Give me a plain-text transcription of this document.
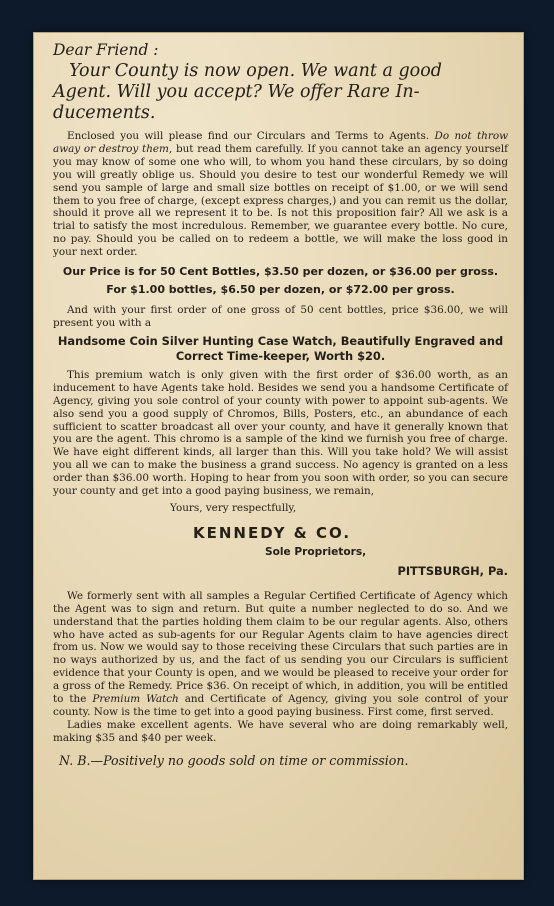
Dear Friend :
Your County is now open. We want a good
Agent. Will you accept? We offer Rare In-
ducements.

Enclosed you will please find our Circulars and Terms to Agents. Do not throw away or destroy them, but read them carefully. If you cannot take an agency yourself you may know of some one who will, to whom you hand these circulars, by so doing you will greatly oblige us. Should you desire to test our wonderful Remedy we will send you sample of large and small size bottles on receipt of $1.00, or we will send them to you free of charge, (except express charges,) and you can remit us the dollar, should it prove all we represent it to be. Is not this proposition fair? All we ask is a trial to satisfy the most incredulous. Remember, we guarantee every bottle. No cure, no pay. Should you be called on to redeem a bottle, we will make the loss good in your next order.

Our Price is for 50 Cent Bottles, $3.50 per dozen, or $36.00 per gross.

For $1.00 bottles, $6.50 per dozen, or $72.00 per gross.

And with your first order of one gross of 50 cent bottles, price $36.00, we will present you with a

Handsome Coin Silver Hunting Case Watch, Beautifully Engraved and Correct Time-keeper, Worth $20.

This premium watch is only given with the first order of $36.00 worth, as an inducement to have Agents take hold. Besides we send you a handsome Certificate of Agency, giving you sole control of your county with power to appoint sub-agents. We also send you a good supply of Chromos, Bills, Posters, etc., an abundance of each sufficient to scatter broadcast all over your county, and have it generally known that you are the agent. This chromo is a sample of the kind we furnish you free of charge. We have eight different kinds, all larger than this. Will you take hold? We will assist you all we can to make the business a grand success. No agency is granted on a less order than $36.00 worth. Hoping to hear from you soon with order, so you can secure your county and get into a good paying business, we remain,

Yours, very respectfully,

KENNEDY & CO.

Sole Proprietors,

PITTSBURGH, Pa.

We formerly sent with all samples a Regular Certified Certificate of Agency which the Agent was to sign and return. But quite a number neglected to do so. And we understand that the parties holding them claim to be our regular agents. Also, others who have acted as sub-agents for our Regular Agents claim to have agencies direct from us. Now we would say to those receiving these Circulars that such parties are in no ways authorized by us, and the fact of us sending you our Circulars is sufficient evidence that your County is open, and we would be pleased to receive your order for a gross of the Remedy. Price $36. On receipt of which, in addition, you will be entitled to the Premium Watch and Certificate of Agency, giving you sole control of your county. Now is the time to get into a good paying business. First come, first served.

Ladies make excellent agents. We have several who are doing remarkably well, making $35 and $40 per week.

N. B.—Positively no goods sold on time or commission.
